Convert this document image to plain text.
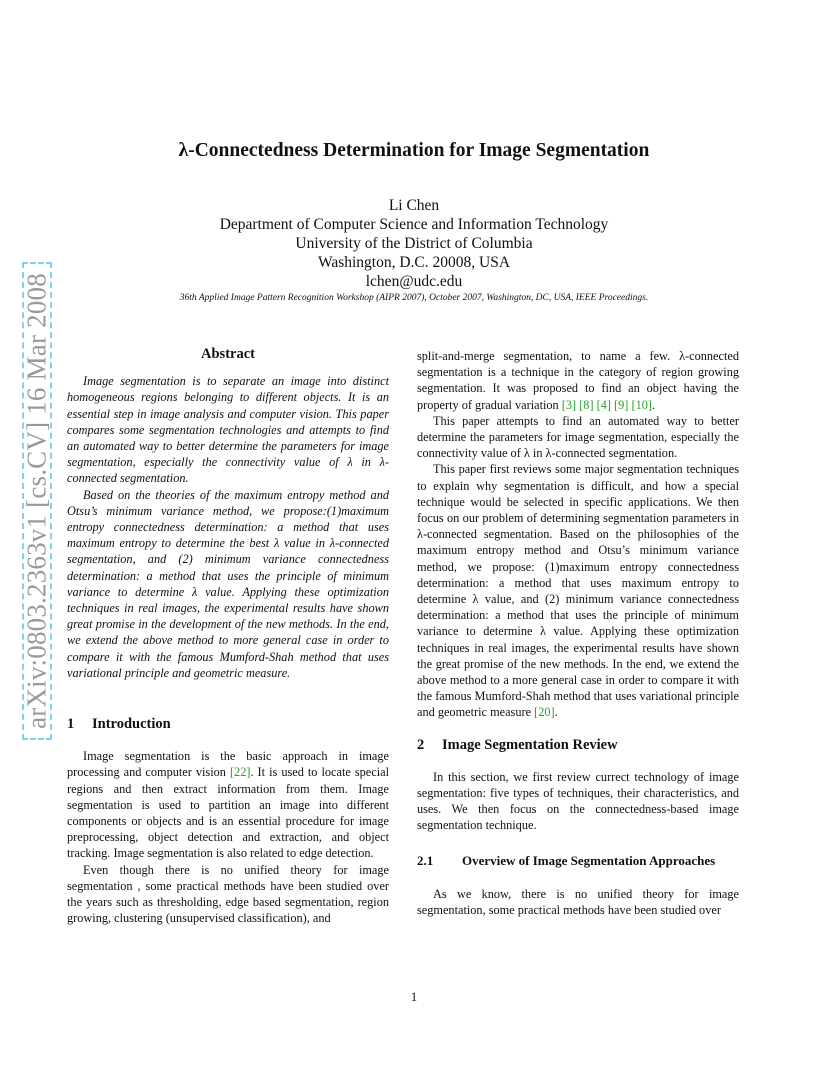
arXiv:0803.2363v1 [cs.CV] 16 Mar 2008
λ-Connectedness Determination for Image Segmentation
Li Chen
Department of Computer Science and Information Technology
University of the District of Columbia
Washington, D.C. 20008, USA
lchen@udc.edu
36th Applied Image Pattern Recognition Workshop (AIPR 2007), October 2007, Washington, DC, USA, IEEE Proceedings.
Abstract

Image segmentation is to separate an image into distinct homogeneous regions belonging to different objects. It is an essential step in image analysis and computer vision. This paper compares some segmentation technologies and attempts to find an automated way to better determine the parameters for image segmentation, especially the connectivity value of λ in λ-connected segmentation.

Based on the theories of the maximum entropy method and Otsu’s minimum variance method, we propose:(1)maximum entropy connectedness determination: a method that uses maximum entropy to determine the best λ value in λ-connected segmentation, and (2) minimum variance connectedness determination: a method that uses the principle of minimum variance to determine λ value. Applying these optimization techniques in real images, the experimental results have shown great promise in the development of the new methods. In the end, we extend the above method to more general case in order to compare it with the famous Mumford-Shah method that uses variational principle and geometric measure.

1 Introduction

Image segmentation is the basic approach in image processing and computer vision [22]. It is used to locate special regions and then extract information from them. Image segmentation is used to partition an image into different components or objects and is an essential procedure for image preprocessing, object detection and extraction, and object tracking. Image segmentation is also related to edge detection.

Even though there is no unified theory for image segmentation , some practical methods have been studied over the years such as thresholding, edge based segmentation, region growing, clustering (unsupervised classification), and

split-and-merge segmentation, to name a few. λ-connected segmentation is a technique in the category of region growing segmentation. It was proposed to find an object having the property of gradual variation [3] [8] [4] [9] [10].

This paper attempts to find an automated way to better determine the parameters for image segmentation, especially the connectivity value of λ in λ-connected segmentation.

This paper first reviews some major segmentation techniques to explain why segmentation is difficult, and how a special technique would be selected in specific applications. We then focus on our problem of determining segmentation parameters in λ-connected segmentation. Based on the philosophies of the maximum entropy method and Otsu’s minimum variance method, we propose: (1)maximum entropy connectedness determination: a method that uses maximum entropy to determine λ value, and (2) minimum variance connectedness determination: a method that uses the principle of minimum variance to determine λ value. Applying these optimization techniques in real images, the experimental results have shown the great promise of the new methods. In the end, we extend the above method to a more general case in order to compare it with the famous Mumford-Shah method that uses variational principle and geometric measure [20].

2 Image Segmentation Review

In this section, we first review currect technology of image segmentation: five types of techniques, their characteristics, and uses. We then focus on the connectedness-based image segmentation technique.

2.1	Overview of Image Segmentation Approaches

As we know, there is no unified theory for image segmentation, some practical methods have been studied over

1
